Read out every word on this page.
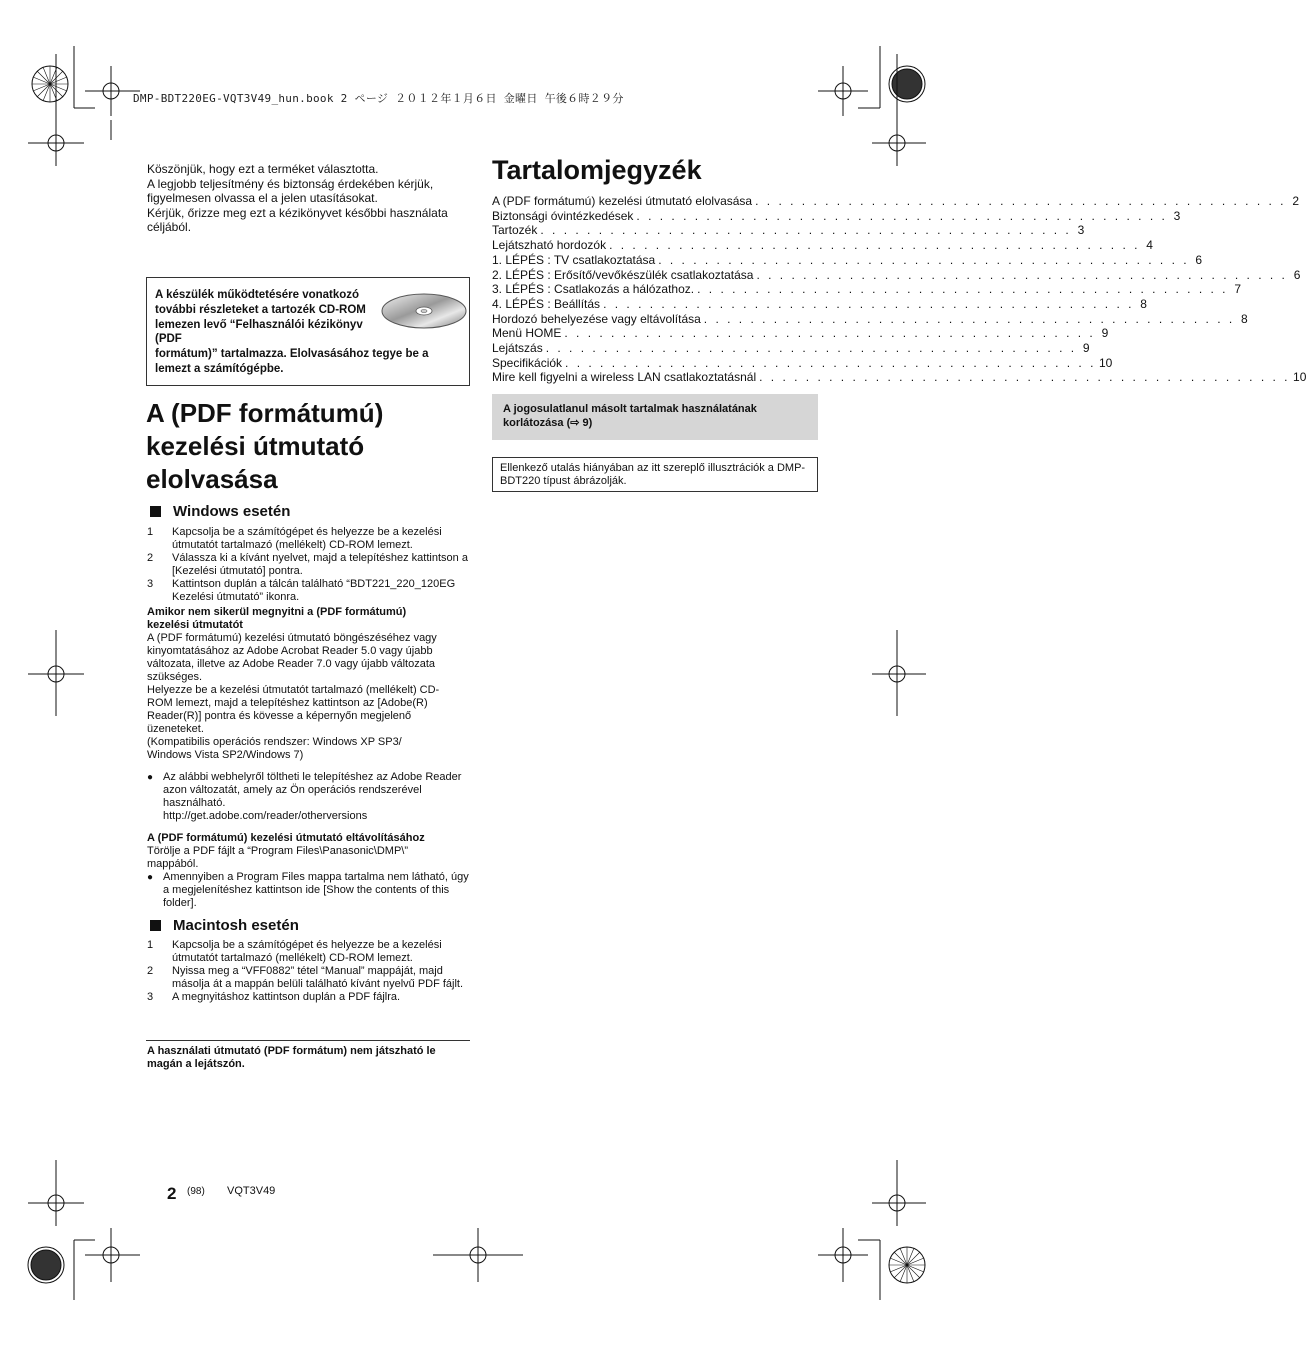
DMP-BDT220EG-VQT3V49_hun.book 2 ページ ２０１２年１月６日 金曜日 午後６時２９分
Köszönjük, hogy ezt a terméket választotta.
A legjobb teljesítmény és biztonság érdekében kérjük, figyelmesen olvassa el a jelen utasításokat.
Kérjük, őrizze meg ezt a kézikönyvet későbbi használata céljából.
A készülék működtetésére vonatkozó további részleteket a tartozék CD-ROM lemezen levő “Felhasználói kézikönyv (PDF
formátum)” tartalmazza. Elolvasásához tegye be a lemezt a számítógépbe.
A (PDF formátumú) kezelési útmutató elolvasása
Windows esetén
1	Kapcsolja be a számítógépet és helyezze be a kezelési útmutatót tartalmazó (mellékelt) CD-ROM lemezt.
2	Válassza ki a kívánt nyelvet, majd a telepítéshez kattintson a [Kezelési útmutató] pontra.
3	Kattintson duplán a tálcán található “BDT221_220_120EG Kezelési útmutató” ikonra.
Amikor nem sikerül megnyitni a (PDF formátumú) kezelési útmutatót
A (PDF formátumú) kezelési útmutató böngészéséhez vagy kinyomtatásához az Adobe Acrobat Reader 5.0 vagy újabb változata, illetve az Adobe Reader 7.0 vagy újabb változata szükséges.
Helyezze be a kezelési útmutatót tartalmazó (mellékelt) CD-ROM lemezt, majd a telepítéshez kattintson az [Adobe(R) Reader(R)] pontra és kövesse a képernyőn megjelenő üzeneteket.
(Kompatibilis operációs rendszer: Windows XP SP3/ Windows Vista SP2/Windows 7)
● Az alábbi webhelyről töltheti le telepítéshez az Adobe Reader azon változatát, amely az Ön operációs rendszerével használható.
http://get.adobe.com/reader/otherversions
A (PDF formátumú) kezelési útmutató eltávolításához
Törölje a PDF fájlt a “Program Files\Panasonic\DMP\” mappából.
● Amennyiben a Program Files mappa tartalma nem látható, úgy a megjelenítéshez kattintson ide [Show the contents of this folder].
Macintosh esetén
1	Kapcsolja be a számítógépet és helyezze be a kezelési útmutatót tartalmazó (mellékelt) CD-ROM lemezt.
2	Nyissa meg a “VFF0882” tétel “Manual” mappáját, majd másolja át a mappán belüli található kívánt nyelvű PDF fájlt.
3	A megnyitáshoz kattintson duplán a PDF fájlra.
A használati útmutató (PDF formátum) nem játszható le magán a lejátszón.
Tartalomjegyzék
A (PDF formátumú) kezelési útmutató elolvasása . . . . . . . . . . . . . . . . . . . . . . . . . . . . . . . . . . . . . . . . . . . . . . 2
Biztonsági óvintézkedések . . . . . . . . . . . . . . . . . . . . . . . . . . . . . . . . . . . . . . . . . . . . . . 3
Tartozék . . . . . . . . . . . . . . . . . . . . . . . . . . . . . . . . . . . . . . . . . . . . . . 3
Lejátszható hordozók . . . . . . . . . . . . . . . . . . . . . . . . . . . . . . . . . . . . . . . . . . . . . . 4
1. LÉPÉS : TV csatlakoztatása . . . . . . . . . . . . . . . . . . . . . . . . . . . . . . . . . . . . . . . . . . . . . . 6
2. LÉPÉS : Erősítő/vevőkészülék csatlakoztatása . . . . . . . . . . . . . . . . . . . . . . . . . . . . . . . . . . . . . . . . . . . . . . 6
3. LÉPÉS : Csatlakozás a hálózathoz. . . . . . . . . . . . . . . . . . . . . . . . . . . . . . . . . . . . . . . . . . . . . . . 7
4. LÉPÉS : Beállítás . . . . . . . . . . . . . . . . . . . . . . . . . . . . . . . . . . . . . . . . . . . . . . 8
Hordozó behelyezése vagy eltávolítása . . . . . . . . . . . . . . . . . . . . . . . . . . . . . . . . . . . . . . . . . . . . . . 8
Menü HOME . . . . . . . . . . . . . . . . . . . . . . . . . . . . . . . . . . . . . . . . . . . . . . 9
Lejátszás . . . . . . . . . . . . . . . . . . . . . . . . . . . . . . . . . . . . . . . . . . . . . . 9
Specifikációk . . . . . . . . . . . . . . . . . . . . . . . . . . . . . . . . . . . . . . . . . . . . . . 10
Mire kell figyelni a wireless LAN csatlakoztatásnál . . . . . . . . . . . . . . . . . . . . . . . . . . . . . . . . . . . . . . . . . . . . . . 10
A jogosulatlanul másolt tartalmak használatának korlátozása (⇨ 9)
Ellenkező utalás hiányában az itt szereplő illusztrációk a DMP-BDT220 típust ábrázolják.
2 (98) VQT3V49
